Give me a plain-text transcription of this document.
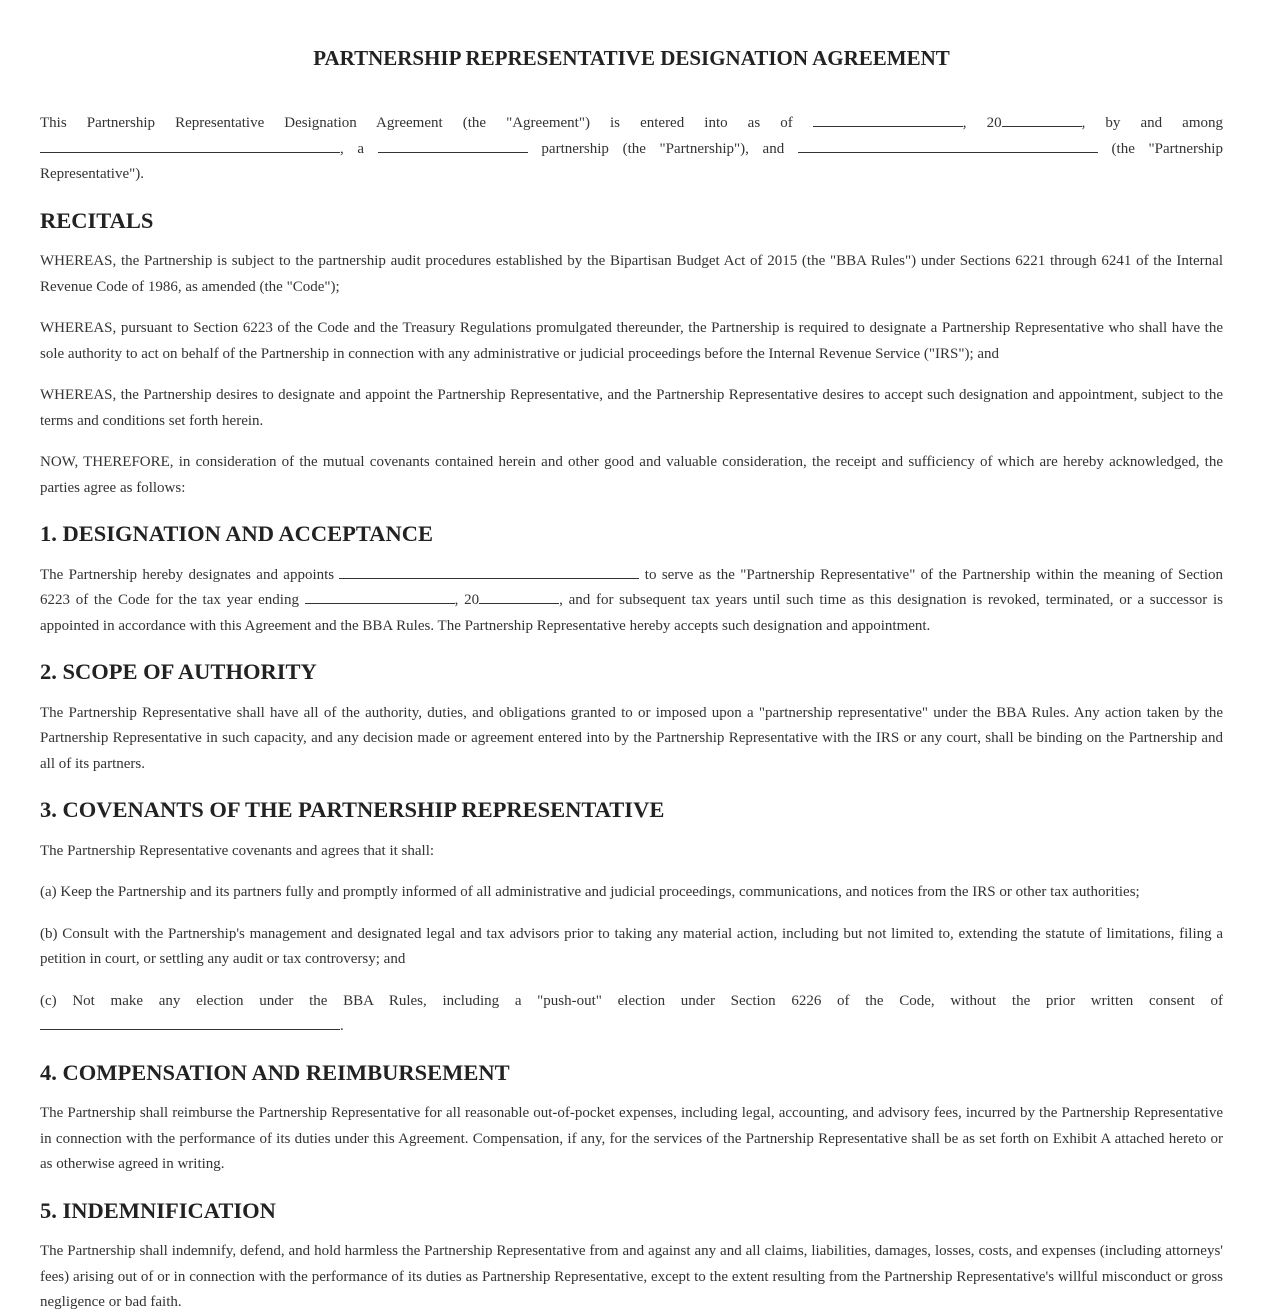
PARTNERSHIP REPRESENTATIVE DESIGNATION AGREEMENT

This Partnership Representative Designation Agreement (the "Agreement") is entered into as of	, 20	, by and among , a	partnership (the "Partnership"), and	(the "Partnership Representative").

RECITALS

WHEREAS, the Partnership is subject to the partnership audit procedures established by the Bipartisan Budget Act of 2015 (the "BBA Rules") under Sections 6221 through 6241 of the Internal Revenue Code of 1986, as amended (the "Code");

WHEREAS, pursuant to Section 6223 of the Code and the Treasury Regulations promulgated thereunder, the Partnership is required to designate a Partnership Representative who shall have the sole authority to act on behalf of the Partnership in connection with any administrative or judicial proceedings before the Internal Revenue Service ("IRS"); and

WHEREAS, the Partnership desires to designate and appoint the Partnership Representative, and the Partnership Representative desires to accept such designation and appointment, subject to the terms and conditions set forth herein.

NOW, THEREFORE, in consideration of the mutual covenants contained herein and other good and valuable consideration, the receipt and sufficiency of which are hereby acknowledged, the parties agree as follows:

1. DESIGNATION AND ACCEPTANCE

The Partnership hereby designates and appoints	to serve as the "Partnership Representative" of the Partnership within the meaning of Section 6223 of the Code for the tax year ending	, 20	, and for subsequent tax years until such time as this designation is revoked, terminated, or a successor is appointed in accordance with this Agreement and the BBA Rules. The Partnership Representative hereby accepts such designation and appointment.

2. SCOPE OF AUTHORITY

The Partnership Representative shall have all of the authority, duties, and obligations granted to or imposed upon a "partnership representative" under the BBA Rules. Any action taken by the Partnership Representative in such capacity, and any decision made or agreement entered into by the Partnership Representative with the IRS or any court, shall be binding on the Partnership and all of its partners.

3. COVENANTS OF THE PARTNERSHIP REPRESENTATIVE

The Partnership Representative covenants and agrees that it shall:

(a) Keep the Partnership and its partners fully and promptly informed of all administrative and judicial proceedings, communications, and notices from the IRS or other tax authorities;

(b) Consult with the Partnership's management and designated legal and tax advisors prior to taking any material action, including but not limited to, extending the statute of limitations, filing a petition in court, or settling any audit or tax controversy; and

(c) Not make any election under the BBA Rules, including a "push-out" election under Section 6226 of the Code, without the prior written consent of .

4. COMPENSATION AND REIMBURSEMENT

The Partnership shall reimburse the Partnership Representative for all reasonable out-of-pocket expenses, including legal, accounting, and advisory fees, incurred by the Partnership Representative in connection with the performance of its duties under this Agreement. Compensation, if any, for the services of the Partnership Representative shall be as set forth on Exhibit A attached hereto or as otherwise agreed in writing.

5. INDEMNIFICATION

The Partnership shall indemnify, defend, and hold harmless the Partnership Representative from and against any and all claims, liabilities, damages, losses, costs, and expenses (including attorneys' fees) arising out of or in connection with the performance of its duties as Partnership Representative, except to the extent resulting from the Partnership Representative's willful misconduct or gross negligence or bad faith.
